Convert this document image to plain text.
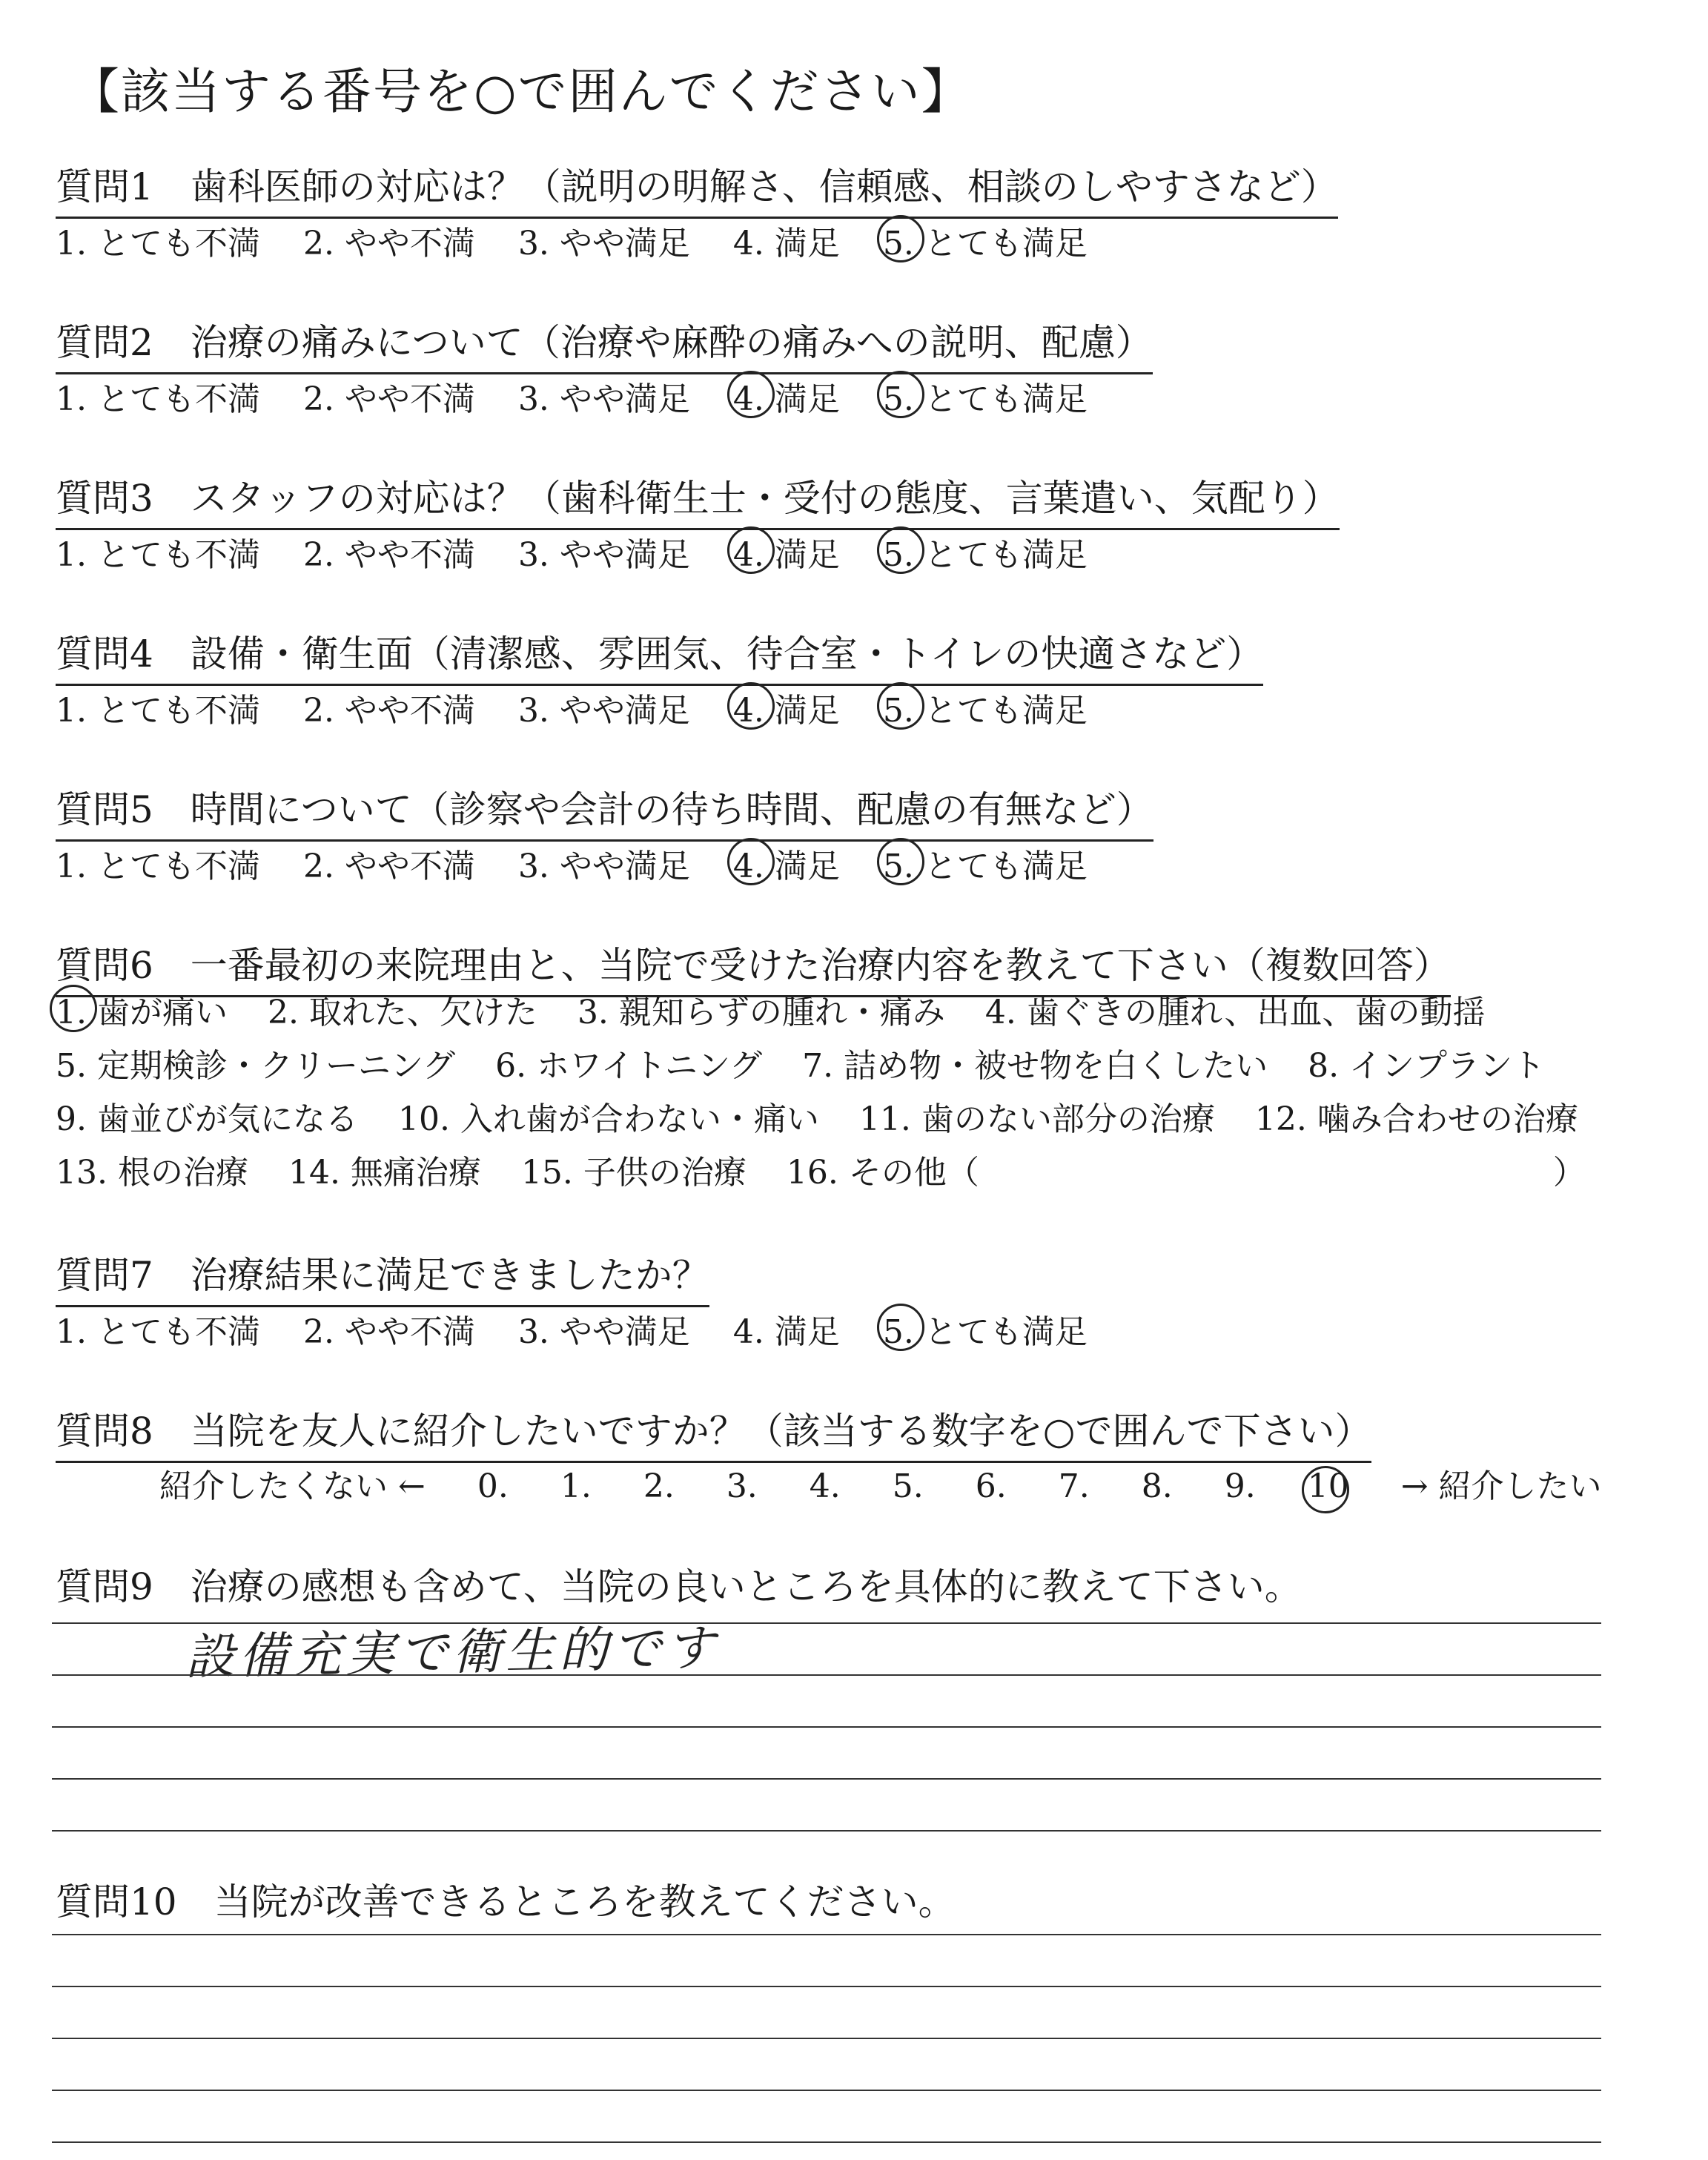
【該当する番号を○で囲んでください】
質問1　歯科医師の対応は？（説明の明解さ、信頼感、相談のしやすさなど）
1. とても不満 2. やや不満 3. やや満足 4. 満足 5. とても満足
質問2　治療の痛みについて（治療や麻酔の痛みへの説明、配慮）
1. とても不満 2. やや不満 3. やや満足 4. 満足 5. とても満足
質問3　スタッフの対応は？（歯科衛生士・受付の態度、言葉遣い、気配り）
1. とても不満 2. やや不満 3. やや満足 4. 満足 5. とても満足
質問4　設備・衛生面（清潔感、雰囲気、待合室・トイレの快適さなど）
1. とても不満 2. やや不満 3. やや満足 4. 満足 5. とても満足
質問5　時間について（診察や会計の待ち時間、配慮の有無など）
1. とても不満 2. やや不満 3. やや満足 4. 満足 5. とても満足
質問6　一番最初の来院理由と、当院で受けた治療内容を教えて下さい（複数回答）
1. 歯が痛い 2. 取れた、欠けた 3. 親知らずの腫れ・痛み 4. 歯ぐきの腫れ、出血、歯の動揺
5. 定期検診・クリーニング 6. ホワイトニング 7. 詰め物・被せ物を白くしたい 8. インプラント
9. 歯並びが気になる 10. 入れ歯が合わない・痛い 11. 歯のない部分の治療 12. 噛み合わせの治療
13. 根の治療 14. 無痛治療 15. 子供の治療 16. その他（	）
質問7　治療結果に満足できましたか？
1. とても不満 2. やや不満 3. やや満足 4. 満足 5. とても満足
質問8　当院を友人に紹介したいですか？（該当する数字を○で囲んで下さい）
紹介したくない ← 0. 1. 2. 3. 4. 5. 6. 7. 8. 9. 10 → 紹介したい
質問9　治療の感想も含めて、当院の良いところを具体的に教えて下さい。
設備充実で衛生的です
質問10　当院が改善できるところを教えてください。
